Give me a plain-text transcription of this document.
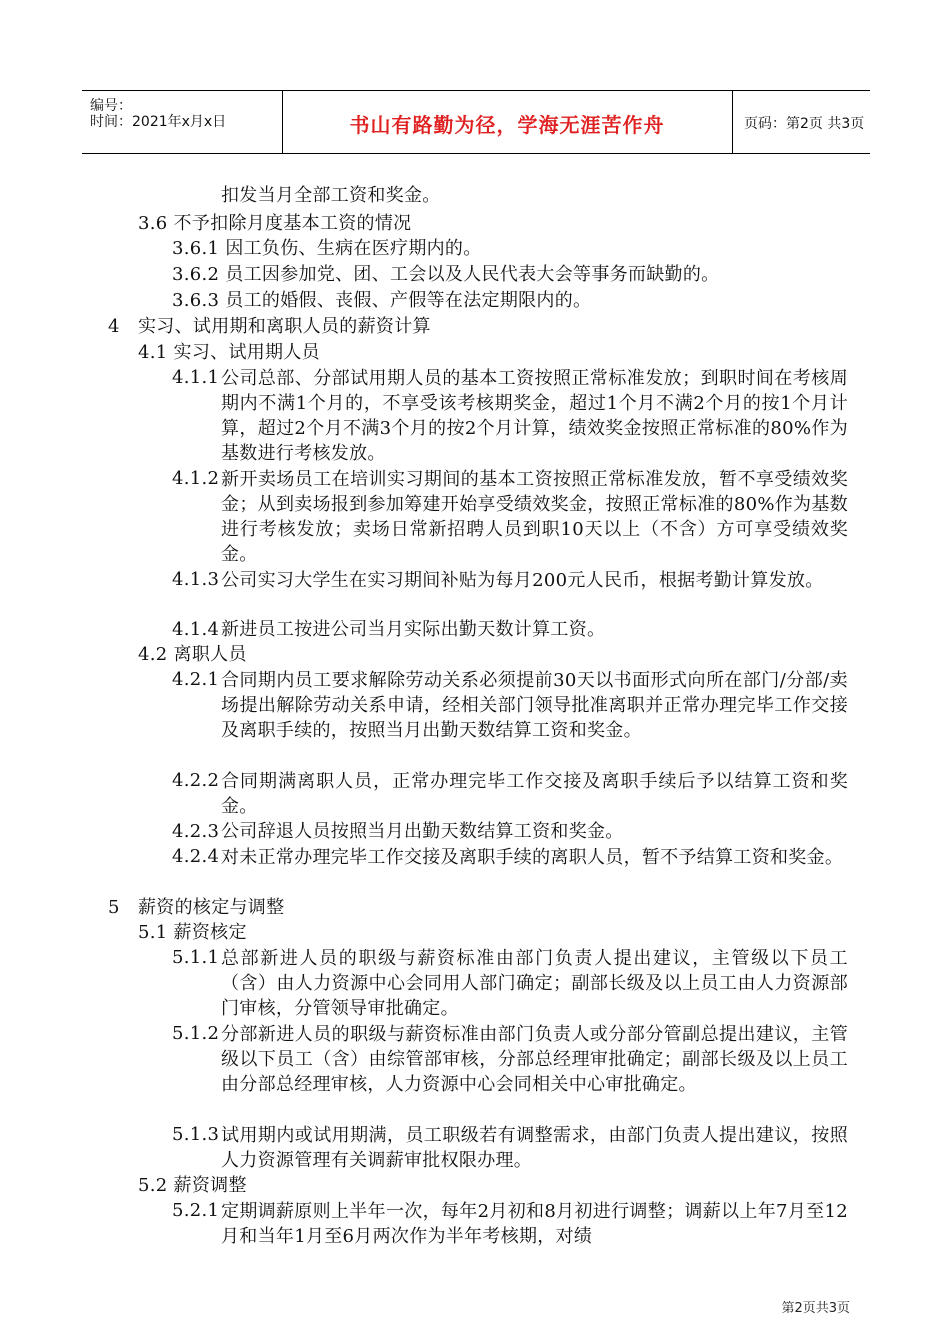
编号：
时间：2021年x月x日	书山有路勤为径，学海无涯苦作舟	页码：第2页 共3页
扣发当月全部工资和奖金。
3.6 不予扣除月度基本工资的情况
3.6.1 因工负伤、生病在医疗期内的。
3.6.2 员工因参加党、团、工会以及人民代表大会等事务而缺勤的。
3.6.3 员工的婚假、丧假、产假等在法定期限内的。
4 实习、试用期和离职人员的薪资计算
4.1 实习、试用期人员
4.1.1 公司总部、分部试用期人员的基本工资按照正常标准发放；到职时间在考核周期内不满1个月的，不享受该考核期奖金，超过1个月不满2个月的按1个月计算，超过2个月不满3个月的按2个月计算，绩效奖金按照正常标准的80%作为基数进行考核发放。
4.1.2 新开卖场员工在培训实习期间的基本工资按照正常标准发放，暂不享受绩效奖金；从到卖场报到参加筹建开始享受绩效奖金，按照正常标准的80%作为基数进行考核发放；卖场日常新招聘人员到职10天以上（不含）方可享受绩效奖金。
4.1.3 公司实习大学生在实习期间补贴为每月200元人民币，根据考勤计算发放。
4.1.4 新进员工按进公司当月实际出勤天数计算工资。
4.2 离职人员
4.2.1 合同期内员工要求解除劳动关系必须提前30天以书面形式向所在部门/分部/卖场提出解除劳动关系申请，经相关部门领导批准离职并正常办理完毕工作交接及离职手续的，按照当月出勤天数结算工资和奖金。
4.2.2 合同期满离职人员，正常办理完毕工作交接及离职手续后予以结算工资和奖金。
4.2.3 公司辞退人员按照当月出勤天数结算工资和奖金。
4.2.4 对未正常办理完毕工作交接及离职手续的离职人员，暂不予结算工资和奖金。
5 薪资的核定与调整
5.1 薪资核定
5.1.1 总部新进人员的职级与薪资标准由部门负责人提出建议，主管级以下员工（含）由人力资源中心会同用人部门确定；副部长级及以上员工由人力资源部门审核，分管领导审批确定。
5.1.2 分部新进人员的职级与薪资标准由部门负责人或分部分管副总提出建议，主管级以下员工（含）由综管部审核，分部总经理审批确定；副部长级及以上员工由分部总经理审核，人力资源中心会同相关中心审批确定。
5.1.3 试用期内或试用期满，员工职级若有调整需求，由部门负责人提出建议，按照人力资源管理有关调薪审批权限办理。
5.2 薪资调整
5.2.1 定期调薪原则上半年一次，每年2月初和8月初进行调整；调薪以上年7月至12月和当年1月至6月两次作为半年考核期，对绩
第2页共3页
